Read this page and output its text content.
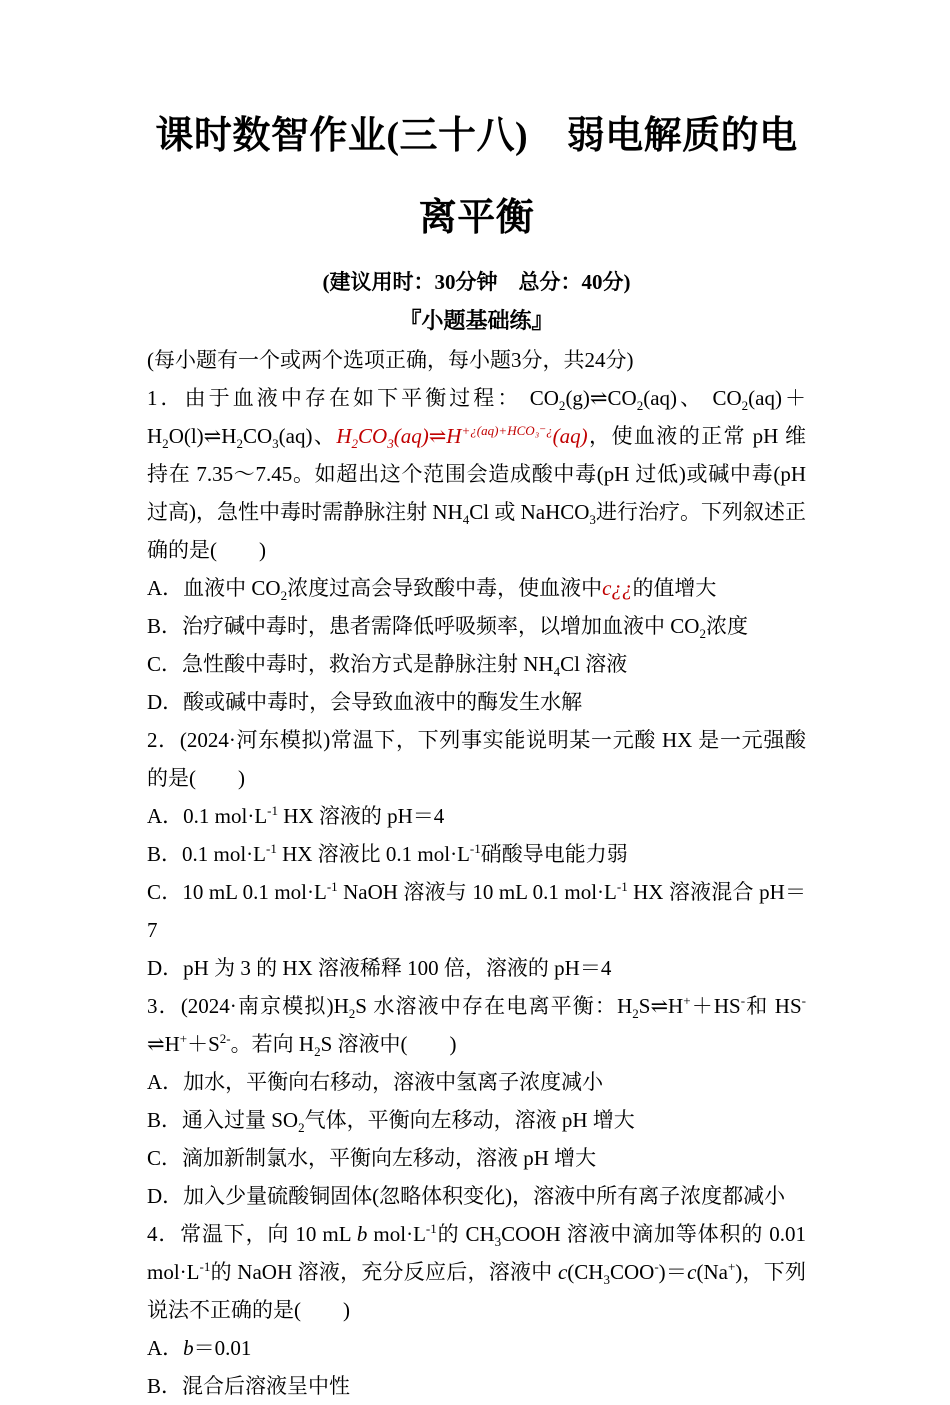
课时数智作业(三十八)　弱电解质的电离平衡

(建议用时：30分钟　总分：40分)

『小题基础练』

(每小题有一个或两个选项正确，每小题3分，共24分)

1．由于血液中存在如下平衡过程： $CO_2(g)\rightleftharpoons CO_2(aq)$、 $CO_2(aq)+H_2O(l)\rightleftharpoons H_2CO_3(aq)$、$H_2CO_3(aq)\rightleftharpoons H^{+¿(aq)+HCO_3^-¿}(aq)$，使血液的正常 pH 维持在 7.35～7.45。如超出这个范围会造成酸中毒(pH 过低)或碱中毒(pH 过高)，急性中毒时需静脉注射 $NH_4Cl$ 或 NaHCO$_3$进行治疗。下列叙述正确的是(　　)

A．血液中 $CO_2$浓度过高会导致酸中毒，使血液中c¿¿的值增大

B．治疗碱中毒时，患者需降低呼吸频率，以增加血液中 $CO_2$浓度

C．急性酸中毒时，救治方式是静脉注射 $NH_4Cl$ 溶液

D．酸或碱中毒时，会导致血液中的酶发生水解

2．(2024·河东模拟)常温下，下列事实能说明某一元酸 HX 是一元强酸的是(　　)

A．0.1 $mol\cdot L^{-1}$ HX 溶液的 pH＝4

B．0.1 $mol\cdot L^{-1}$ HX 溶液比 0.1 $mol\cdot L^{-1}$硝酸导电能力弱

C．10 mL 0.1 $mol\cdot L^{-1}$ NaOH 溶液与 10 mL 0.1 $mol\cdot L^{-1}$ HX 溶液混合 pH＝7

D．pH 为 3 的 HX 溶液稀释 100 倍，溶液的 pH＝4

3．(2024·南京模拟)$H_2S$ 水溶液中存在电离平衡：$H_2S\rightleftharpoons H^++HS^-$和 $HS^-\rightleftharpoons H^++S^{2-}$。若向 $H_2S$ 溶液中(　　)

A．加水，平衡向右移动，溶液中氢离子浓度减小

B．通入过量 $SO_2$气体，平衡向左移动，溶液 pH 增大

C．滴加新制氯水，平衡向左移动，溶液 pH 增大

D．加入少量硫酸铜固体(忽略体积变化)，溶液中所有离子浓度都减小

4．常温下，向 10 mL b $mol\cdot L^{-1}$的 $CH_3COOH$ 溶液中滴加等体积的 0.01 $mol\cdot L^{-1}$的 NaOH 溶液，充分反应后，溶液中 $c(CH_3COO^-)=c(Na^+)$，下列说法不正确的是(　　)

A．b＝0.01

B．混合后溶液呈中性
